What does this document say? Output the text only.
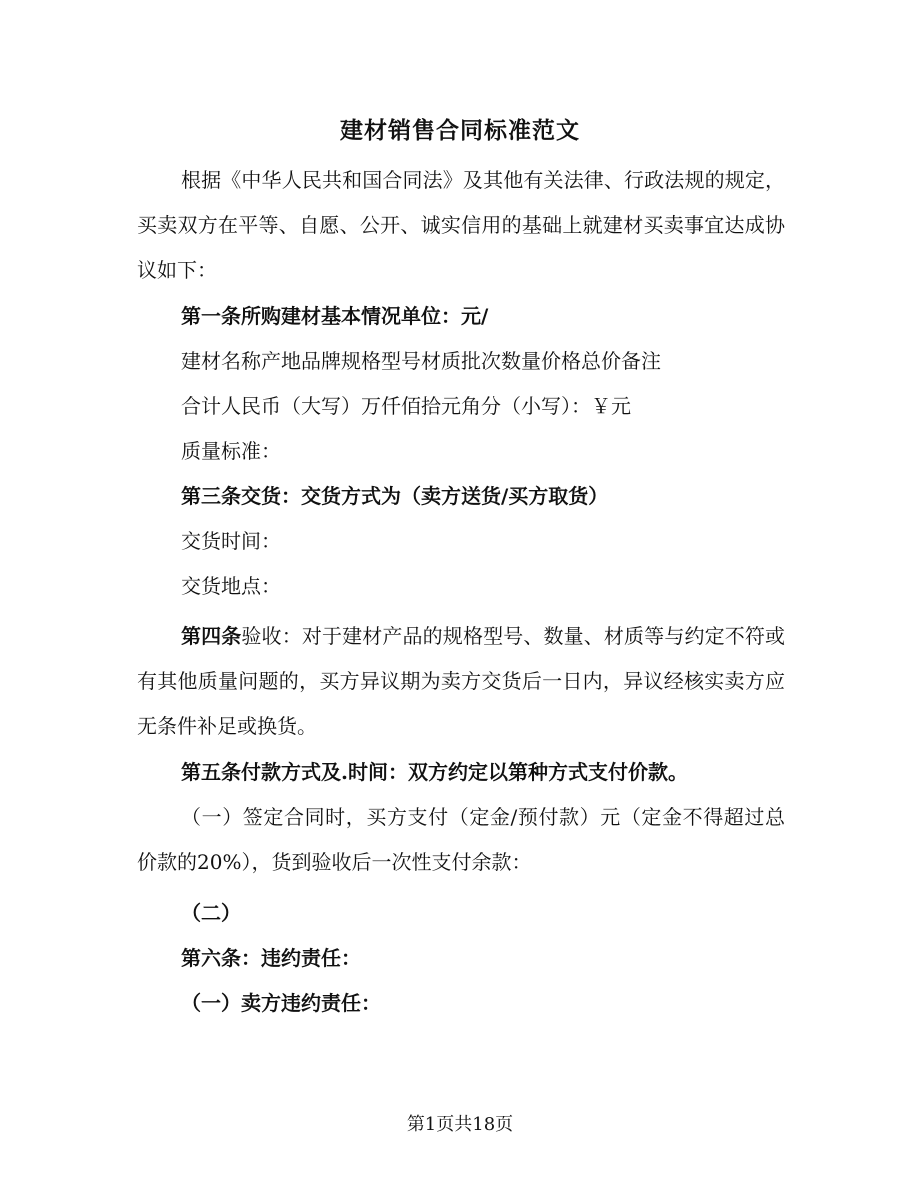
建材销售合同标准范文

根据《中华人民共和国合同法》及其他有关法律、行政法规的规定，买卖双方在平等、自愿、公开、诚实信用的基础上就建材买卖事宜达成协议如下：

第一条所购建材基本情况单位：元/

建材名称产地品牌规格型号材质批次数量价格总价备注

合计人民币（大写）万仟佰拾元角分（小写）：￥元

质量标准：

第三条交货：交货方式为（卖方送货/买方取货）

交货时间：

交货地点：

第四条验收：对于建材产品的规格型号、数量、材质等与约定不符或有其他质量问题的，买方异议期为卖方交货后一日内，异议经核实卖方应无条件补足或换货。

第五条付款方式及.时间：双方约定以第种方式支付价款。

（一）签定合同时，买方支付（定金/预付款）元（定金不得超过总价款的20%），货到验收后一次性支付余款：

（二）

第六条：违约责任：

（一）卖方违约责任：

第1页共18页
